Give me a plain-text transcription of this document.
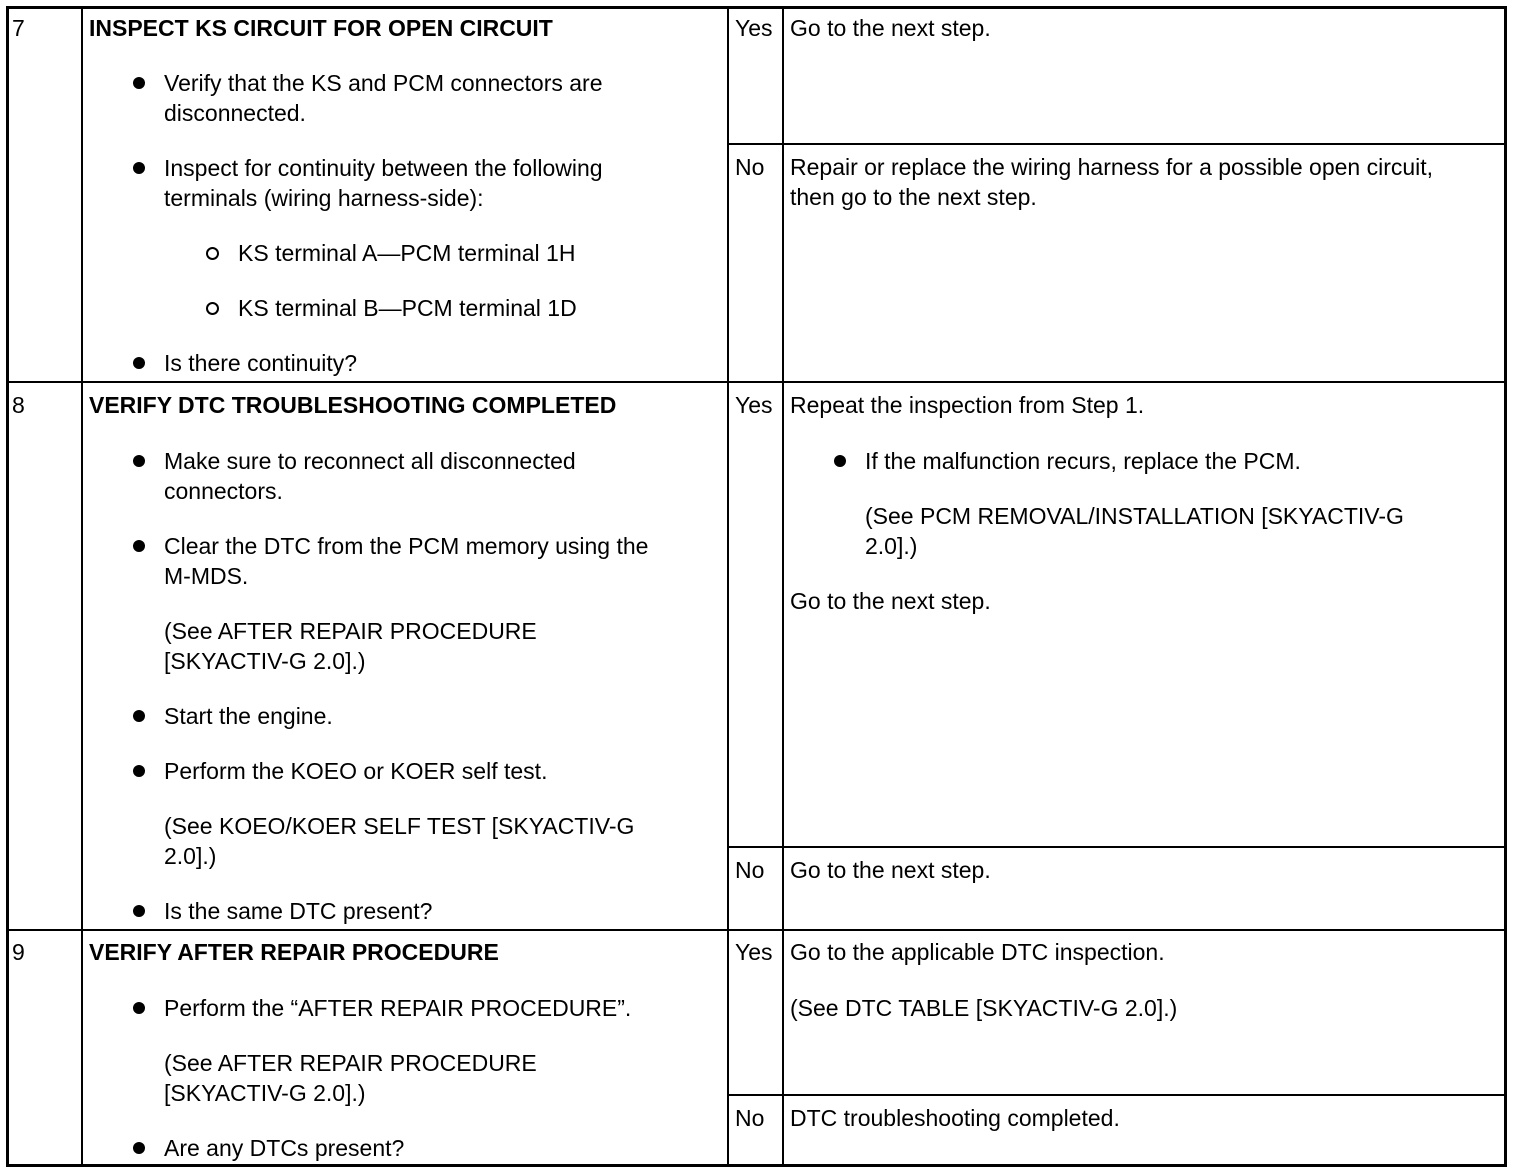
7	INSPECT KS CIRCUIT FOR OPEN CIRCUIT
Verify that the KS and PCM connectors are
disconnected.
Inspect for continuity between the following
terminals (wiring harness-side):
KS terminal A—PCM terminal 1H
KS terminal B—PCM terminal 1D
Is there continuity?
Yes Go to the next step.
No Repair or replace the wiring harness for a possible open circuit,
then go to the next step.
8	VERIFY DTC TROUBLESHOOTING COMPLETED
Make sure to reconnect all disconnected
connectors.
Clear the DTC from the PCM memory using the
M-MDS.
(See AFTER REPAIR PROCEDURE
[SKYACTIV-G 2.0].)
Start the engine.
Perform the KOEO or KOER self test.
(See KOEO/KOER SELF TEST [SKYACTIV-G
2.0].)
Is the same DTC present?
Yes Repeat the inspection from Step 1.
If the malfunction recurs, replace the PCM.
(See PCM REMOVAL/INSTALLATION [SKYACTIV-G
2.0].)
Go to the next step.
No Go to the next step.
9	VERIFY AFTER REPAIR PROCEDURE
Perform the “AFTER REPAIR PROCEDURE”.
(See AFTER REPAIR PROCEDURE
[SKYACTIV-G 2.0].)
Are any DTCs present?
Yes Go to the applicable DTC inspection.
(See DTC TABLE [SKYACTIV-G 2.0].)
No DTC troubleshooting completed.
